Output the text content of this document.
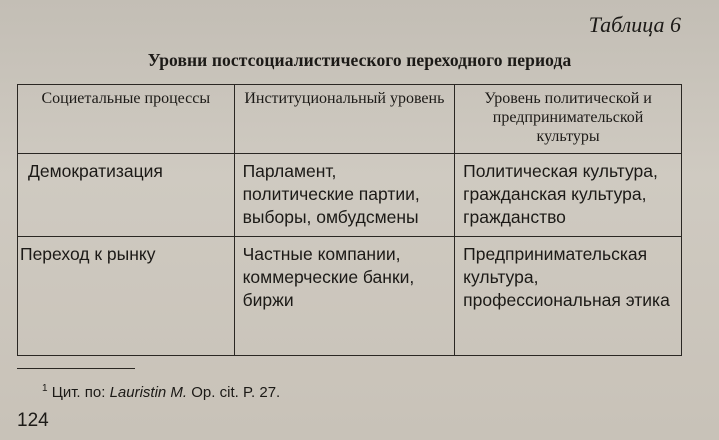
Таблица 6
Уровни постсоциалистического переходного периода
Социетальные процессы	Институциональный уровень	Уровень политической и предпринимательской культуры
Демократизация	Парламент, политические партии, выборы, омбудсмены	Политическая культура, гражданская культура, гражданство
Переход к рынку	Частные компании, коммерческие банки, биржи	Предпринимательская культура, профессиональная этика
$^1$ Цит. по: Lauristin M. Op. cit. P. 27.
124
